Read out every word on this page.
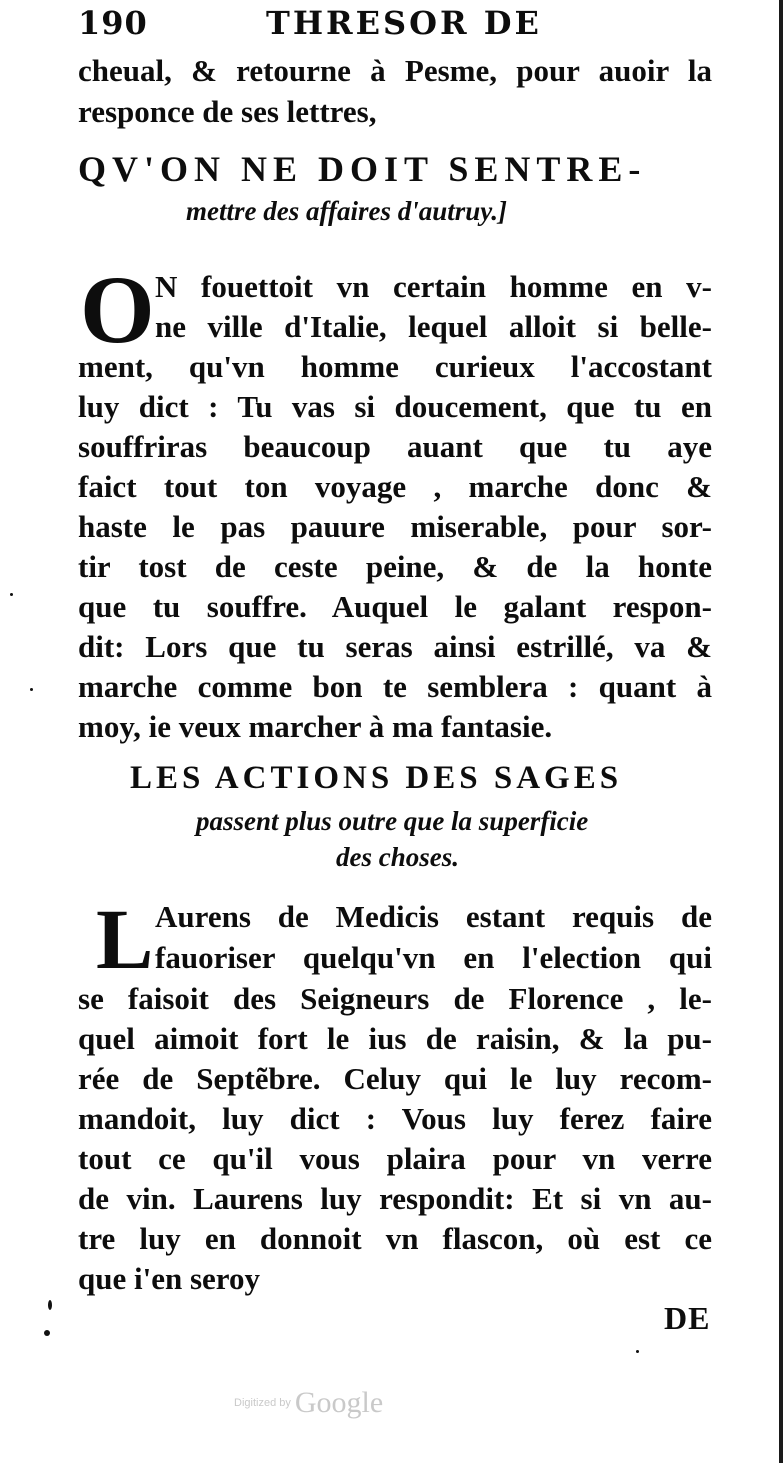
190	THRESOR DE
cheual, & retourne à Pesme, pour auoir la
responce de ses lettres,
QV'ON NE DOIT SENTRE-
mettre des affaires d'autruy.]
O N fouettoit vn certain homme en v-
ne ville d'Italie, lequel alloit si belle-
ment, qu'vn homme curieux l'accostant
luy dict : Tu vas si doucement, que tu en
souffriras beaucoup auant que tu aye
faict tout ton voyage , marche donc &
haste le pas pauure miserable, pour sor-
tir tost de ceste peine, & de la honte
que tu souffre. Auquel le galant respon-
dit: Lors que tu seras ainsi estrillé, va &
marche comme bon te semblera : quant à
moy, ie veux marcher à ma fantasie.
LES ACTIONS DES SAGES
passent plus outre que la superficie
des choses.
L Aurens de Medicis estant requis de
fauoriser quelqu'vn en l'election qui
se faisoit des Seigneurs de Florence , le-
quel aimoit fort le ius de raisin, & la pu-
rée de Septẽbre. Celuy qui le luy recom-
mandoit, luy dict : Vous luy ferez faire
tout ce qu'il vous plaira pour vn verre
de vin. Laurens luy respondit: Et si vn au-
tre luy en donnoit vn flascon, où est ce
que i'en seroy
DE
Digitized by Google
